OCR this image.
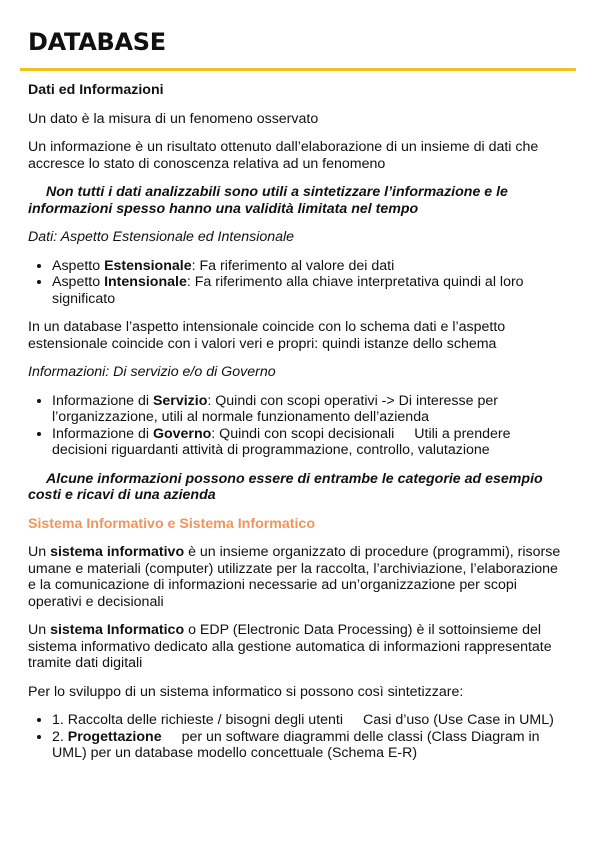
DATABASE

Dati ed Informazioni

Un dato è la misura di un fenomeno osservato

Un informazione è un risultato ottenuto dall’elaborazione di un insieme di dati che accresce lo stato di conoscenza relativa ad un fenomeno

Non tutti i dati analizzabili sono utili a sintetizzare l’informazione e le informazioni spesso hanno una validità limitata nel tempo

Dati: Aspetto Estensionale ed Intensionale

• Aspetto Estensionale: Fa riferimento al valore dei dati
• Aspetto Intensionale: Fa riferimento alla chiave interpretativa quindi al loro significato

In un database l’aspetto intensionale coincide con lo schema dati e l’aspetto estensionale coincide con i valori veri e propri: quindi istanze dello schema

Informazioni: Di servizio e/o di Governo

• Informazione di Servizio: Quindi con scopi operativi -> Di interesse per l’organizzazione, utili al normale funzionamento dell’azienda
• Informazione di Governo: Quindi con scopi decisionali Utili a prendere decisioni riguardanti attività di programmazione, controllo, valutazione

Alcune informazioni possono essere di entrambe le categorie ad esempio costi e ricavi di una azienda

Sistema Informativo e Sistema Informatico

Un sistema informativo è un insieme organizzato di procedure (programmi), risorse umane e materiali (computer) utilizzate per la raccolta, l’archiviazione, l’elaborazione e la comunicazione di informazioni necessarie ad un’organizzazione per scopi operativi e decisionali

Un sistema Informatico o EDP (Electronic Data Processing) è il sottoinsieme del sistema informativo dedicato alla gestione automatica di informazioni rappresentate tramite dati digitali

Per lo sviluppo di un sistema informatico si possono così sintetizzare:

• 1. Raccolta delle richieste / bisogni degli utenti Casi d’uso (Use Case in UML)
• 2. Progettazione per un software diagrammi delle classi (Class Diagram in UML) per un database modello concettuale (Schema E-R)
